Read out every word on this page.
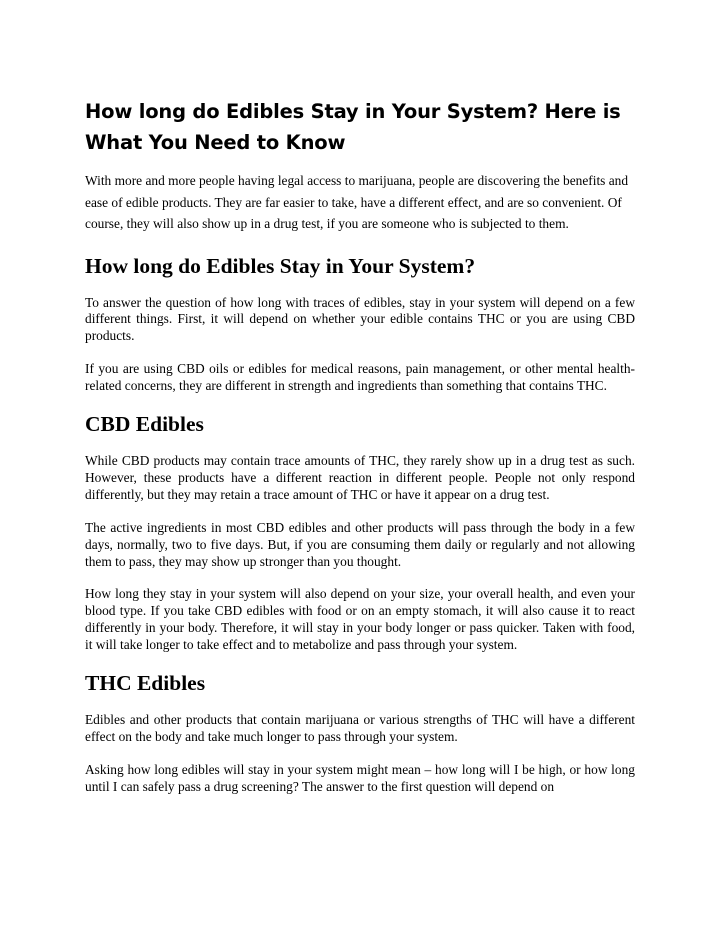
How long do Edibles Stay in Your System? Here is What You Need to Know

With more and more people having legal access to marijuana, people are discovering the benefits and ease of edible products. They are far easier to take, have a different effect, and are so convenient. Of course, they will also show up in a drug test, if you are someone who is subjected to them.

How long do Edibles Stay in Your System?

To answer the question of how long with traces of edibles, stay in your system will depend on a few different things. First, it will depend on whether your edible contains THC or you are using CBD products.

If you are using CBD oils or edibles for medical reasons, pain management, or other mental health-related concerns, they are different in strength and ingredients than something that contains THC.

CBD Edibles

While CBD products may contain trace amounts of THC, they rarely show up in a drug test as such. However, these products have a different reaction in different people. People not only respond differently, but they may retain a trace amount of THC or have it appear on a drug test.

The active ingredients in most CBD edibles and other products will pass through the body in a few days, normally, two to five days. But, if you are consuming them daily or regularly and not allowing them to pass, they may show up stronger than you thought.

How long they stay in your system will also depend on your size, your overall health, and even your blood type. If you take CBD edibles with food or on an empty stomach, it will also cause it to react differently in your body. Therefore, it will stay in your body longer or pass quicker. Taken with food, it will take longer to take effect and to metabolize and pass through your system.

THC Edibles

Edibles and other products that contain marijuana or various strengths of THC will have a different effect on the body and take much longer to pass through your system.

Asking how long edibles will stay in your system might mean – how long will I be high, or how long until I can safely pass a drug screening? The answer to the first question will depend on
